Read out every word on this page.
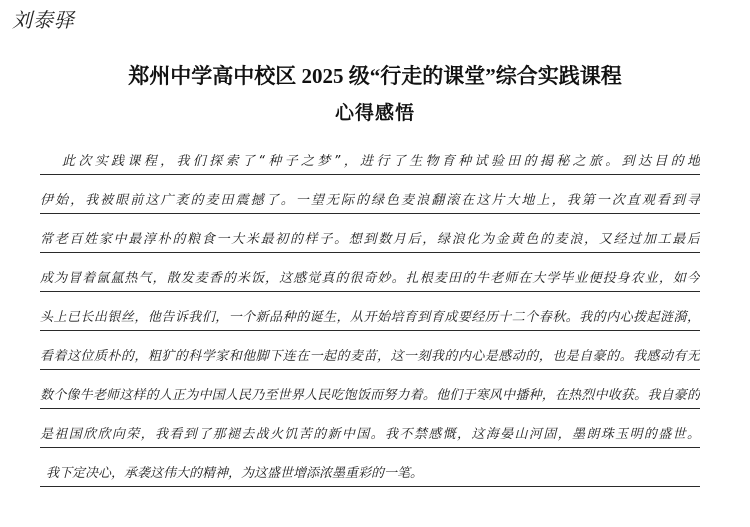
刘泰驿
郑州中学高中校区 2025 级“行走的课堂”综合实践课程
心得感悟
此次实践课程，我们探索了“种子之梦”，进行了生物育种试验田的揭秘之旅。到达目的地
伊始，我被眼前这广袤的麦田震撼了。一望无际的绿色麦浪翻滚在这片大地上，我第一次直观看到寻
常老百姓家中最淳朴的粮食一大米最初的样子。想到数月后，绿浪化为金黄色的麦浪，又经过加工最后
成为冒着氤氲热气，散发麦香的米饭，这感觉真的很奇妙。扎根麦田的牛老师在大学毕业便投身农业，如今
头上已长出银丝，他告诉我们，一个新品种的诞生，从开始培育到育成要经历十二个春秋。我的内心拨起涟漪，
看着这位质朴的，粗犷的科学家和他脚下连在一起的麦苗，这一刻我的内心是感动的，也是自豪的。我感动有无
数个像牛老师这样的人正为中国人民乃至世界人民吃饱饭而努力着。他们于寒风中播种，在热烈中收获。我自豪的
是祖国欣欣向荣，我看到了那褪去战火饥苦的新中国。我不禁感慨，这海晏山河固，墨朗珠玉明的盛世。
我下定决心，承袭这伟大的精神，为这盛世增添浓墨重彩的一笔。
